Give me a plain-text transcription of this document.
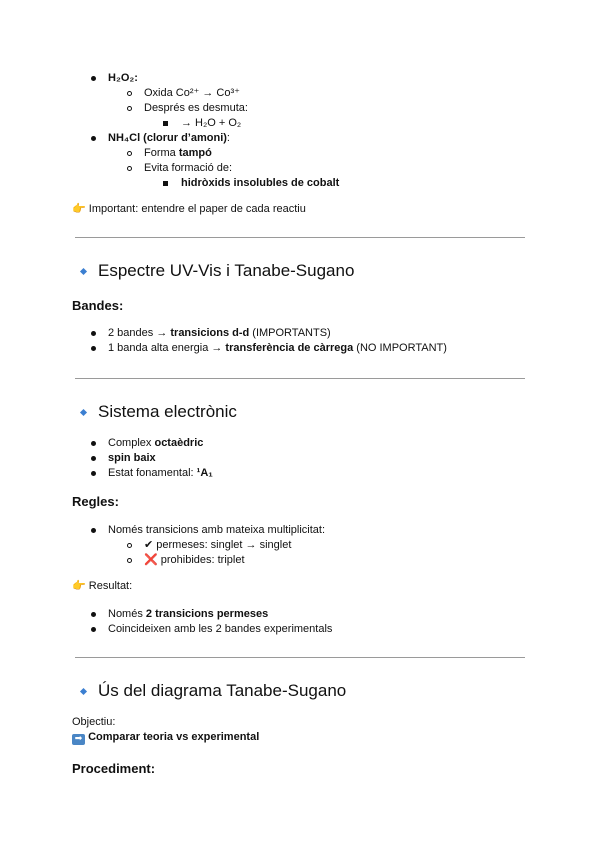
H₂O₂:
Oxida Co²⁺ → Co³⁺
Després es desmuta:
→ H₂O + O₂
NH₄Cl (clorur d’amoni):
Forma tampó
Evita formació de:
hidròxids insolubles de cobalt
👉 Important: entendre el paper de cada reactiu
Espectre UV-Vis i Tanabe-Sugano
Bandes:
2 bandes → transicions d-d (IMPORTANTS)
1 banda alta energia → transferència de càrrega (NO IMPORTANT)
Sistema electrònic
Complex octaèdric
spin baix
Estat fonamental: ¹A₁
Regles:
Només transicions amb mateixa multiplicitat:
✔ permeses: singlet → singlet
❌ prohibides: triplet
👉 Resultat:
Només 2 transicions permeses
Coincideixen amb les 2 bandes experimentals
Ús del diagrama Tanabe-Sugano
Objectiu:
➡ Comparar teoria vs experimental
Procediment:
